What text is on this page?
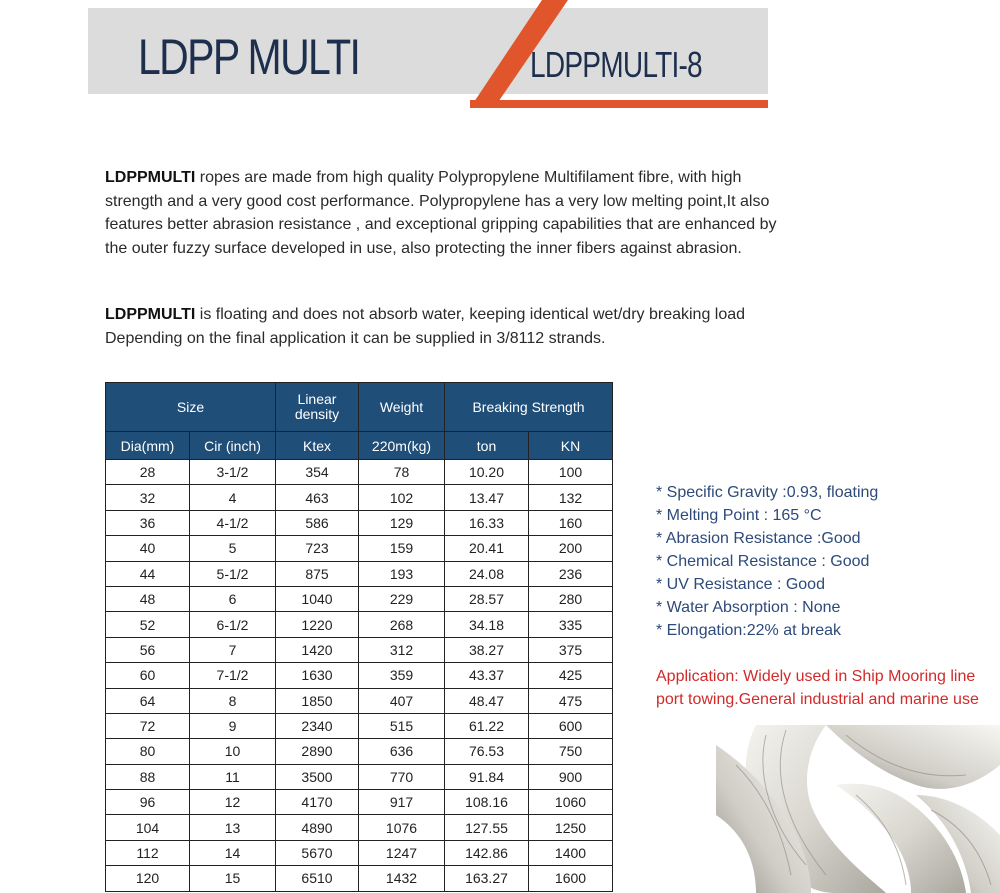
LDPP MULTI	LDPPMULTI-8
LDPPMULTI ropes are made from high quality Polypropylene Multifilament fibre, with high strength and a very good cost performance. Polypropylene has a very low melting point,It also features better abrasion resistance , and exceptional gripping capabilities that are enhanced by the outer fuzzy surface developed in use, also protecting the inner fibers against abrasion.
LDPPMULTI is floating and does not absorb water, keeping identical wet/dry breaking load Depending on the final application it can be supplied in 3/8112 strands.
Size		Linear density	Weight	Breaking Strength	
Dia(mm)	Cir (inch)	Ktex	220m(kg)	ton	KN
28	3-1/2	354	78	10.20	100
32	4	463	102	13.47	132
36	4-1/2	586	129	16.33	160
40	5	723	159	20.41	200
44	5-1/2	875	193	24.08	236
48	6	1040	229	28.57	280
52	6-1/2	1220	268	34.18	335
56	7	1420	312	38.27	375
60	7-1/2	1630	359	43.37	425
64	8	1850	407	48.47	475
72	9	2340	515	61.22	600
80	10	2890	636	76.53	750
88	11	3500	770	91.84	900
96	12	4170	917	108.16	1060
104	13	4890	1076	127.55	1250
112	14	5670	1247	142.86	1400
120	15	6510	1432	163.27	1600
* Specific Gravity :0.93, floating
* Melting Point : 165 °C
* Abrasion Resistance :Good
* Chemical Resistance : Good
* UV Resistance : Good
* Water Absorption : None
* Elongation:22% at break
Application: Widely used in Ship Mooring line
port towing.General industrial and marine use
